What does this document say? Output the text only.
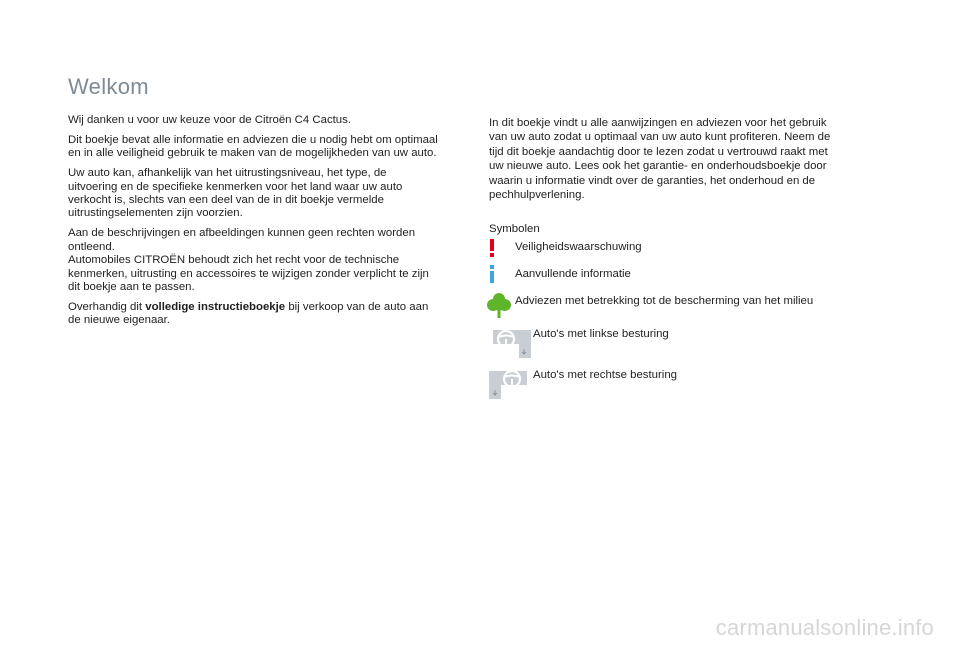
Welkom

Wij danken u voor uw keuze voor de Citroën C4 Cactus.

Dit boekje bevat alle informatie en adviezen die u nodig hebt om optimaal
en in alle veiligheid gebruik te maken van de mogelijkheden van uw auto.

Uw auto kan, afhankelijk van het uitrustingsniveau, het type, de
uitvoering en de specifieke kenmerken voor het land waar uw auto
verkocht is, slechts van een deel van de in dit boekje vermelde
uitrustingselementen zijn voorzien.

Aan de beschrijvingen en afbeeldingen kunnen geen rechten worden
ontleend.
Automobiles CITROËN behoudt zich het recht voor de technische
kenmerken, uitrusting en accessoires te wijzigen zonder verplicht te zijn
dit boekje aan te passen.

Overhandig dit volledige instructieboekje bij verkoop van de auto aan
de nieuwe eigenaar.

In dit boekje vindt u alle aanwijzingen en adviezen voor het gebruik
van uw auto zodat u optimaal van uw auto kunt profiteren. Neem de
tijd dit boekje aandachtig door te lezen zodat u vertrouwd raakt met
uw nieuwe auto. Lees ook het garantie- en onderhoudsboekje door
waarin u informatie vindt over de garanties, het onderhoud en de
pechhulpverlening.

Symbolen
Veiligheidswaarschuwing
Aanvullende informatie
Adviezen met betrekking tot de bescherming van het milieu
Auto's met linkse besturing
Auto's met rechtse besturing
carmanualsonline.info
